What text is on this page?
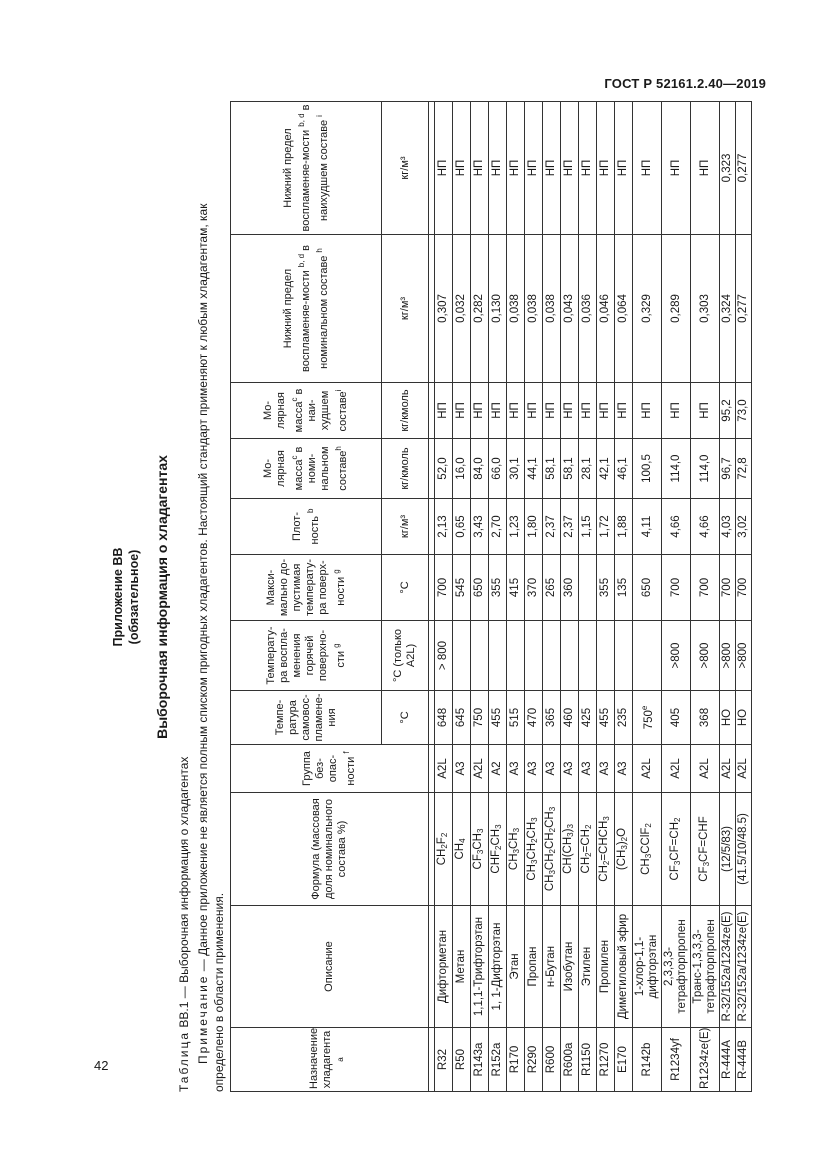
ГОСТ Р 52161.2.40—2019
Приложение ВВ (обязательное) Выборочная информация о хладагентах
Таблица ВВ.1 — Выборочная информация о хладагентах Примечание — Данное приложение не является полным списком пригодных хладагентов. Настоящий стандарт применяют к любым хладагентам, как
определено в области применения.	Назначение хладагента $^a$	Описание	Формула (массовая доля номинального состава %)	Группа без-опас-ности $^f$	Темпе-ратура самовос-пламене-ния	Температу-ра воспла-менения горячей поверхно-сти $^g$	Макси-мально до-пустимая температу-ра поверх-ности $^g$	Плот-ность $^b$	Мо-лярная масса$^c$ в номи-нальном составе$^h$	Мо-лярная масса$^c$ в наи-худшем составе$^i$	Нижний предел воспламеняе-мости $^{b, d}$ в номинальном составе $^h$	Нижний предел воспламеняе-мости $^{b, d}$ в наихудшем составе $^i$
				°C	°C (только A2L)	°C	кг/м³	кг/кмоль	кг/кмоль	кг/м³	кг/м³

R32	Дифторметан	$CH_2F_2$	A2L	648	> 800	700	2,13	52,0	НП	0,307	НП
R50	Метан	$CH_4$	A3	645		545	0,65	16,0	НП	0,032	НП
R143a	1,1,1-Трифторэтан	$CF_3CH_3$	A2L	750		650	3,43	84,0	НП	0,282	НП
R152a	1, 1-Дифторэтан	$CHF_2CH_3$	A2	455		355	2,70	66,0	НП	0,130	НП
R170	Этан	$CH_3CH_3$	A3	515		415	1,23	30,1	НП	0,038	НП
R290	Пропан	$CH_3CH_2CH_3$	A3	470		370	1,80	44,1	НП	0,038	НП
R600	н-Бутан	$CH_3CH_2CH_2CH_3$	A3	365		265	2,37	58,1	НП	0,038	НП
R600a	Изобутан	$CH(CH_3)_3$	A3	460		360	2,37	58,1	НП	0,043	НП
R1150	Этилен	$CH_2=CH_2$	A3	425			1,15	28,1	НП	0,036	НП
R1270	Пропилен	$CH_2=CHCH_3$	A3	455		355	1,72	42,1	НП	0,046	НП
E170	Диметиловый эфир	$(CH_3)_2O$	A3	235		135	1,88	46,1	НП	0,064	НП
R142b	1-хлор-1,1-дифторэтан	$CH_3CClF_2$	A2L	750e		650	4,11	100,5	НП	0,329	НП
R1234yf	2,3,3,3-тетрафторпропен	$CF_3CF=CH_2$	A2L	405	>800	700	4,66	114,0	НП	0,289	НП
R1234ze(E)	Транс-1,3,3,3-тетрафторпропен	$CF_3CF=CHF$	A2L	368	>800	700	4,66	114,0	НП	0,303	НП
R-444A	R-32/152a/1234ze(E)	(12/5/83)	A2L	НО	>800	700	4,03	96,7	95,2	0,324	0,323
R-444B	R-32/152a/1234ze(E)	(41.5/10/48.5)	A2L	НО	>800	700	3,02	72,8	73,0	0,277	0,277
42
